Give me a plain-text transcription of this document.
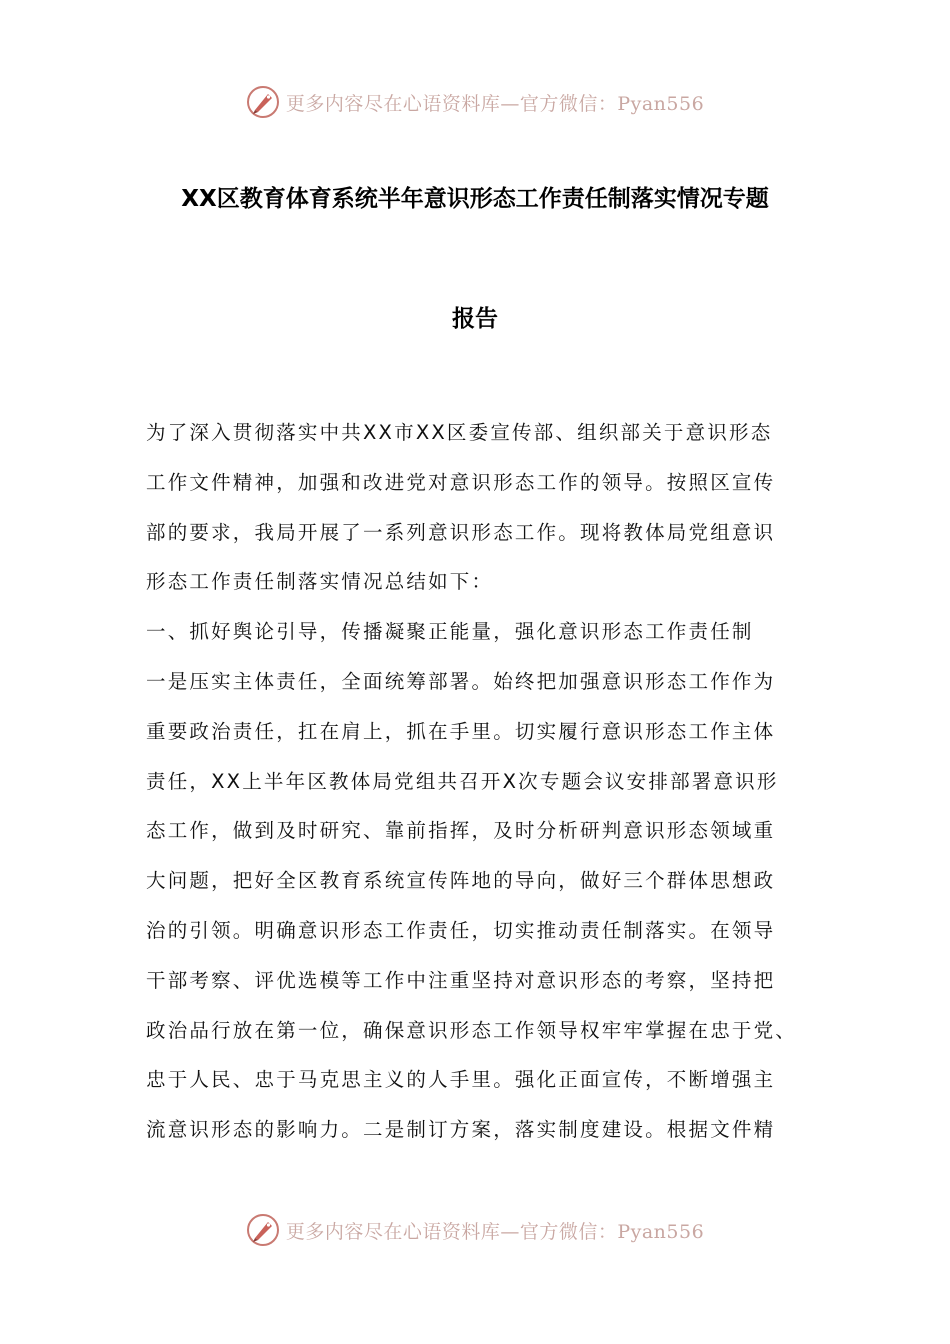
更多内容尽在心语资料库—官方微信：Pyan556
XX区教育体育系统半年意识形态工作责任制落实情况专题
报告
为了深入贯彻落实中共XX市XX区委宣传部、组织部关于意识形态
工作文件精神，加强和改进党对意识形态工作的领导。按照区宣传
部的要求，我局开展了一系列意识形态工作。现将教体局党组意识
形态工作责任制落实情况总结如下：
一、抓好舆论引导，传播凝聚正能量，强化意识形态工作责任制
一是压实主体责任，全面统筹部署。始终把加强意识形态工作作为
重要政治责任，扛在肩上，抓在手里。切实履行意识形态工作主体
责任，XX上半年区教体局党组共召开X次专题会议安排部署意识形
态工作，做到及时研究、靠前指挥，及时分析研判意识形态领域重
大问题，把好全区教育系统宣传阵地的导向，做好三个群体思想政
治的引领。明确意识形态工作责任，切实推动责任制落实。在领导
干部考察、评优选模等工作中注重坚持对意识形态的考察，坚持把
政治品行放在第一位，确保意识形态工作领导权牢牢掌握在忠于党、
忠于人民、忠于马克思主义的人手里。强化正面宣传，不断增强主
流意识形态的影响力。二是制订方案，落实制度建设。根据文件精
更多内容尽在心语资料库—官方微信：Pyan556
